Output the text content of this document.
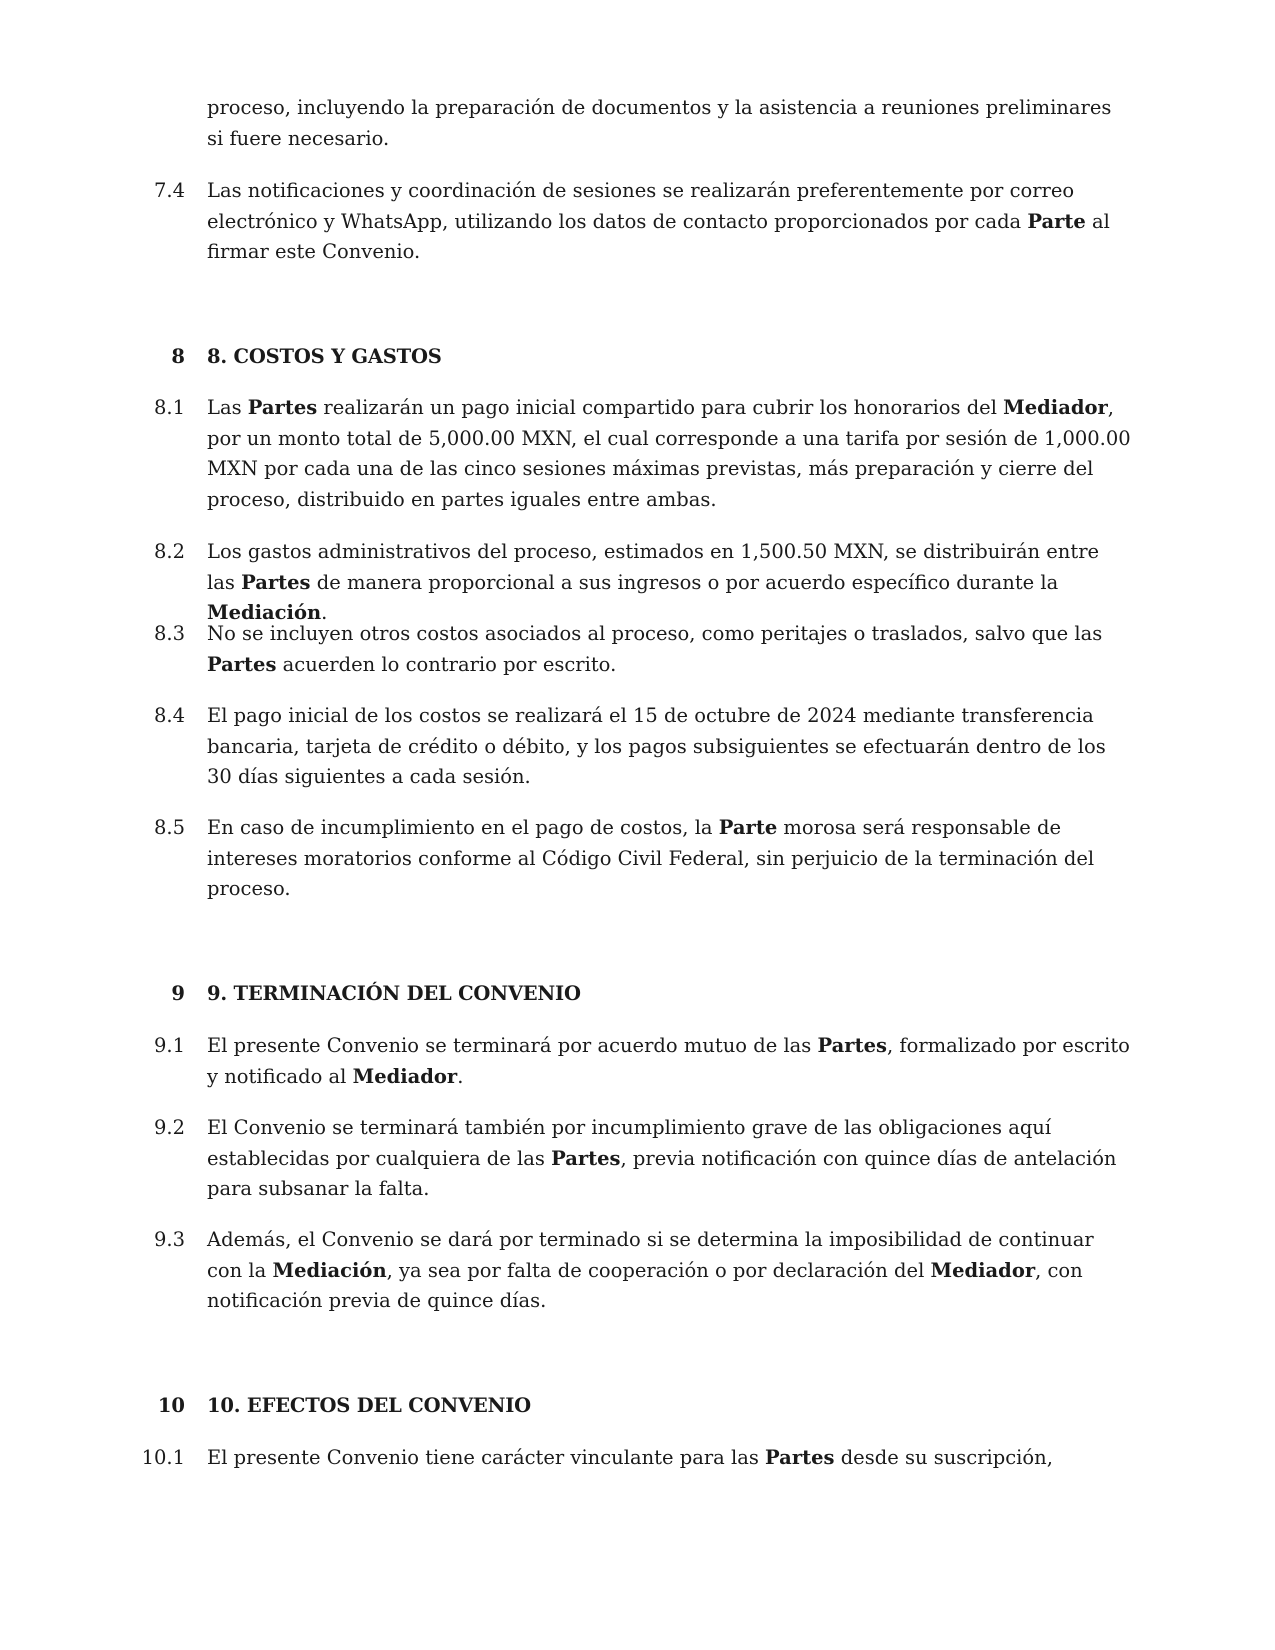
proceso, incluyendo la preparación de documentos y la asistencia a reuniones preliminares si fuere necesario.
7.4 Las notificaciones y coordinación de sesiones se realizarán preferentemente por correo electrónico y WhatsApp, utilizando los datos de contacto proporcionados por cada Parte al firmar este Convenio.
8 8. COSTOS Y GASTOS
8.1 Las Partes realizarán un pago inicial compartido para cubrir los honorarios del Mediador, por un monto total de 5,000.00 MXN, el cual corresponde a una tarifa por sesión de 1,000.00 MXN por cada una de las cinco sesiones máximas previstas, más preparación y cierre del proceso, distribuido en partes iguales entre ambas.
8.2 Los gastos administrativos del proceso, estimados en 1,500.50 MXN, se distribuirán entre las Partes de manera proporcional a sus ingresos o por acuerdo específico durante la Mediación.
8.3 No se incluyen otros costos asociados al proceso, como peritajes o traslados, salvo que las Partes acuerden lo contrario por escrito.
8.4 El pago inicial de los costos se realizará el 15 de octubre de 2024 mediante transferencia bancaria, tarjeta de crédito o débito, y los pagos subsiguientes se efectuarán dentro de los 30 días siguientes a cada sesión.
8.5 En caso de incumplimiento en el pago de costos, la Parte morosa será responsable de intereses moratorios conforme al Código Civil Federal, sin perjuicio de la terminación del proceso.
9 9. TERMINACIÓN DEL CONVENIO
9.1 El presente Convenio se terminará por acuerdo mutuo de las Partes, formalizado por escrito y notificado al Mediador.
9.2 El Convenio se terminará también por incumplimiento grave de las obligaciones aquí establecidas por cualquiera de las Partes, previa notificación con quince días de antelación para subsanar la falta.
9.3 Además, el Convenio se dará por terminado si se determina la imposibilidad de continuar con la Mediación, ya sea por falta de cooperación o por declaración del Mediador, con notificación previa de quince días.
10 10. EFECTOS DEL CONVENIO
10.1 El presente Convenio tiene carácter vinculante para las Partes desde su suscripción,
